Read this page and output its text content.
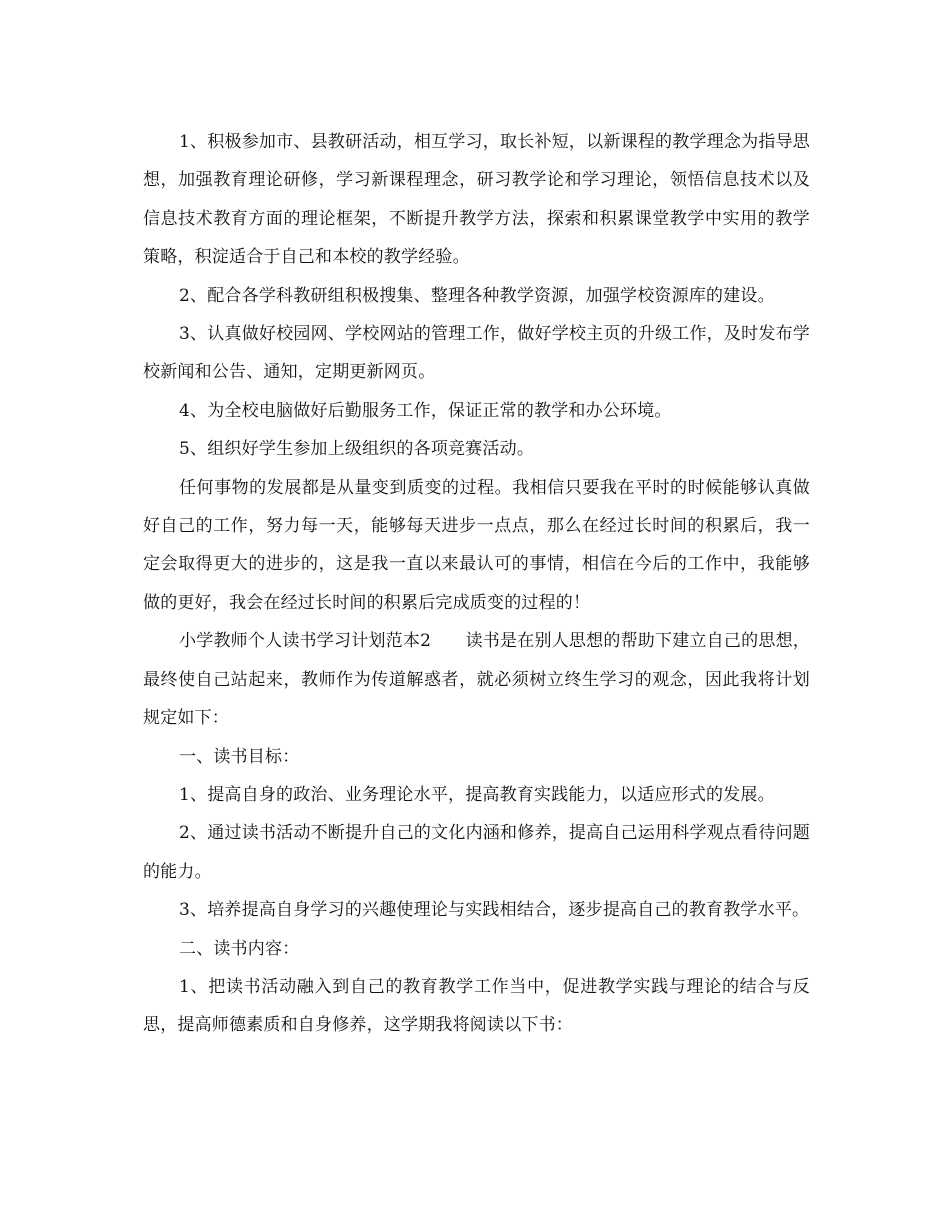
1、积极参加市、县教研活动，相互学习，取长补短，以新课程的教学理念为指导思想，加强教育理论研修，学习新课程理念，研习教学论和学习理论，领悟信息技术以及信息技术教育方面的理论框架，不断提升教学方法，探索和积累课堂教学中实用的教学策略，积淀适合于自己和本校的教学经验。

2、配合各学科教研组积极搜集、整理各种教学资源，加强学校资源库的建设。

3、认真做好校园网、学校网站的管理工作，做好学校主页的升级工作，及时发布学校新闻和公告、通知，定期更新网页。

4、为全校电脑做好后勤服务工作，保证正常的教学和办公环境。

5、组织好学生参加上级组织的各项竞赛活动。

任何事物的发展都是从量变到质变的过程。我相信只要我在平时的时候能够认真做好自己的工作，努力每一天，能够每天进步一点点，那么在经过长时间的积累后，我一定会取得更大的进步的，这是我一直以来最认可的事情，相信在今后的工作中，我能够做的更好，我会在经过长时间的积累后完成质变的过程的！

小学教师个人读书学习计划范本2　　读书是在别人思想的帮助下建立自己的思想，最终使自己站起来，教师作为传道解惑者，就必须树立终生学习的观念，因此我将计划规定如下：

一、读书目标：

1、提高自身的政治、业务理论水平，提高教育实践能力，以适应形式的发展。

2、通过读书活动不断提升自己的文化内涵和修养，提高自己运用科学观点看待问题的能力。

3、培养提高自身学习的兴趣使理论与实践相结合，逐步提高自己的教育教学水平。

二、读书内容：

1、把读书活动融入到自己的教育教学工作当中，促进教学实践与理论的结合与反思，提高师德素质和自身修养，这学期我将阅读以下书：
